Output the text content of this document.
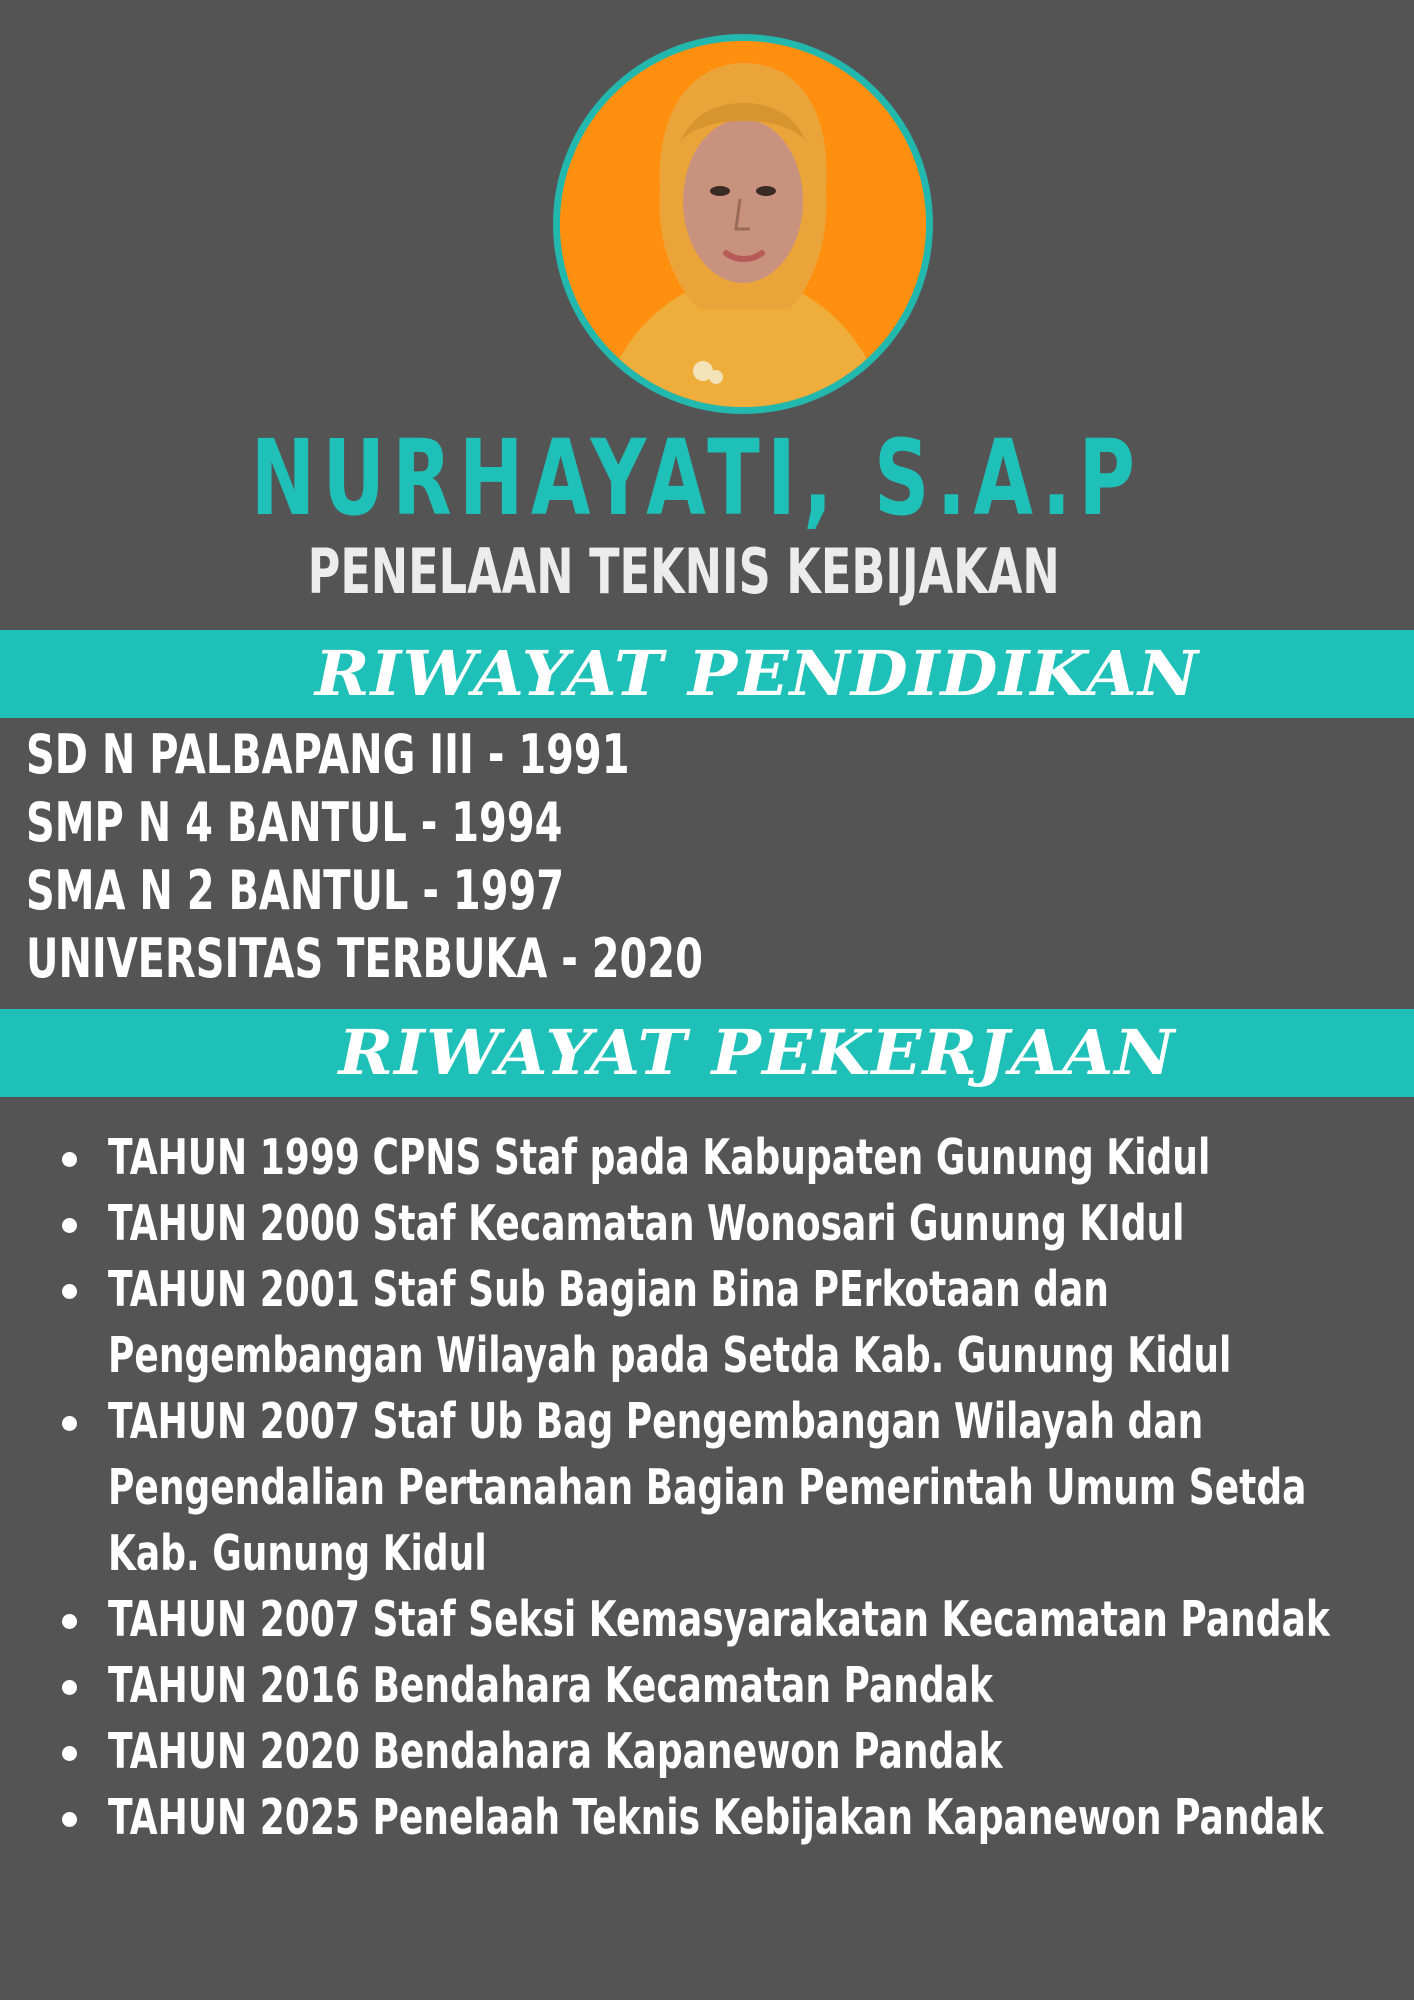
NURHAYATI, S.A.P
PENELAAN TEKNIS KEBIJAKAN
RIWAYAT PENDIDIKAN
SD N PALBAPANG III - 1991
SMP N 4 BANTUL - 1994
SMA N 2 BANTUL - 1997
UNIVERSITAS TERBUKA - 2020
RIWAYAT PEKERJAAN
TAHUN 1999 CPNS Staf pada Kabupaten Gunung Kidul
TAHUN 2000 Staf Kecamatan Wonosari Gunung KIdul
TAHUN 2001 Staf Sub Bagian Bina PErkotaan dan Pengembangan Wilayah pada Setda Kab. Gunung Kidul
TAHUN 2007 Staf Ub Bag Pengembangan Wilayah dan Pengendalian Pertanahan Bagian Pemerintah Umum Setda Kab. Gunung Kidul
TAHUN 2007 Staf Seksi Kemasyarakatan Kecamatan Pandak
TAHUN 2016 Bendahara Kecamatan Pandak
TAHUN 2020 Bendahara Kapanewon Pandak
TAHUN 2025 Penelaah Teknis Kebijakan Kapanewon Pandak
